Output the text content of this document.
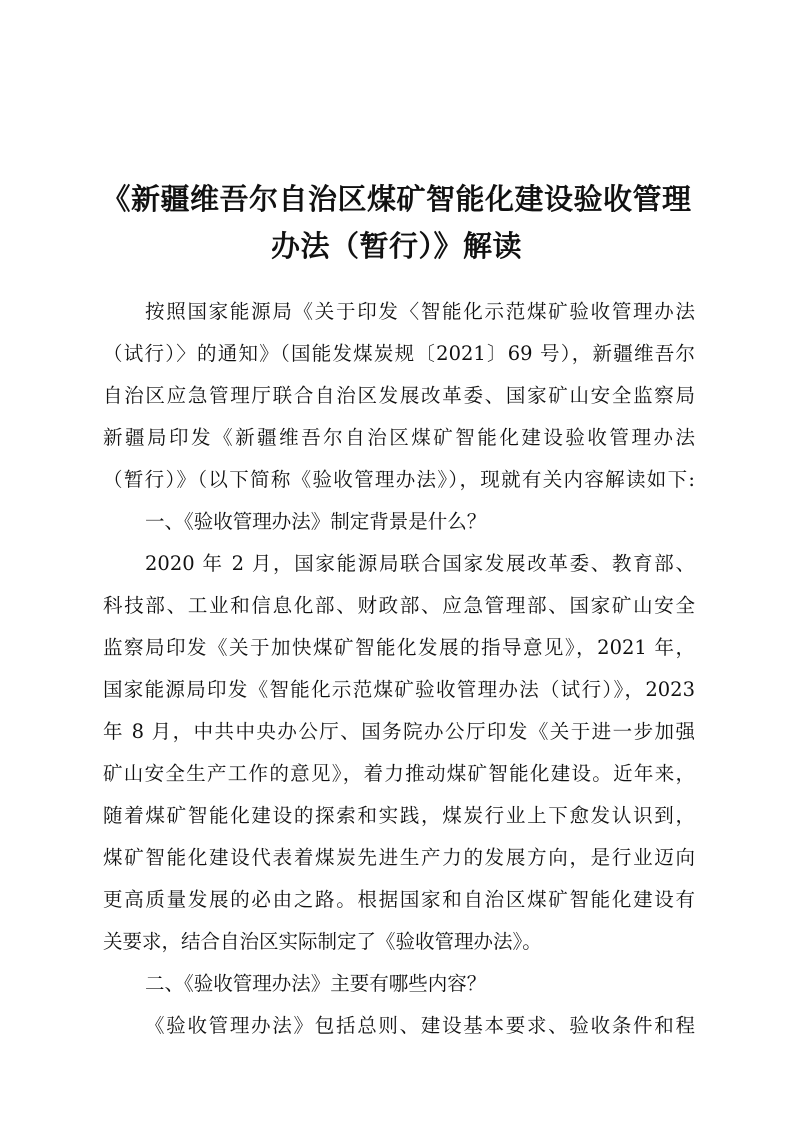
《新疆维吾尔自治区煤矿智能化建设验收管理
办法（暂行）》解读
按照国家能源局《关于印发〈智能化示范煤矿验收管理办法
（试行）〉的通知》（国能发煤炭规〔2021〕69 号），新疆维吾尔
自治区应急管理厅联合自治区发展改革委、国家矿山安全监察局
新疆局印发《新疆维吾尔自治区煤矿智能化建设验收管理办法
（暂行）》（以下简称《验收管理办法》），现就有关内容解读如下:
一、《验收管理办法》制定背景是什么？
2020 年 2 月，国家能源局联合国家发展改革委、教育部、
科技部、工业和信息化部、财政部、应急管理部、国家矿山安全
监察局印发《关于加快煤矿智能化发展的指导意见》，2021 年，
国家能源局印发《智能化示范煤矿验收管理办法（试行）》，2023
年 8 月，中共中央办公厅、国务院办公厅印发《关于进一步加强
矿山安全生产工作的意见》，着力推动煤矿智能化建设。近年来，
随着煤矿智能化建设的探索和实践，煤炭行业上下愈发认识到，
煤矿智能化建设代表着煤炭先进生产力的发展方向，是行业迈向
更高质量发展的必由之路。根据国家和自治区煤矿智能化建设有
关要求，结合自治区实际制定了《验收管理办法》。
二、《验收管理办法》主要有哪些内容？
《验收管理办法》包括总则、建设基本要求、验收条件和程
